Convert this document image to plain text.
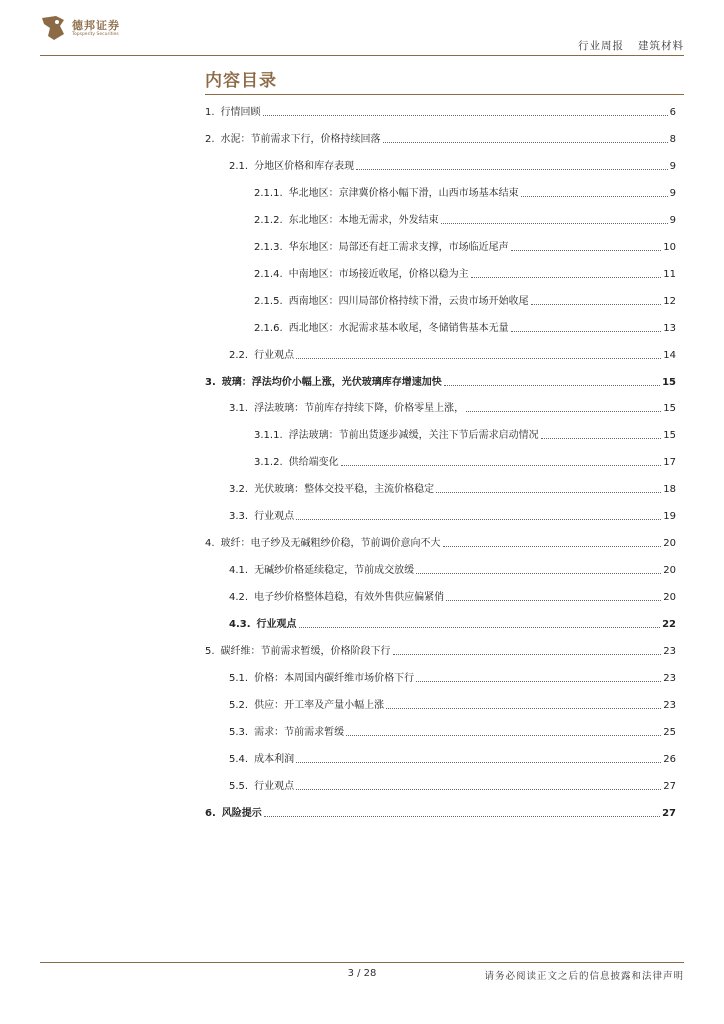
德邦证券
Topsperity Securities
行业周报 建筑材料
内容目录
1. 行情回顾	6
2. 水泥：节前需求下行，价格持续回落	8
2.1. 分地区价格和库存表现	9
2.1.1. 华北地区：京津冀价格小幅下滑，山西市场基本结束	9
2.1.2. 东北地区：本地无需求，外发结束	9
2.1.3. 华东地区：局部还有赶工需求支撑，市场临近尾声	10
2.1.4. 中南地区：市场接近收尾，价格以稳为主	11
2.1.5. 西南地区：四川局部价格持续下滑，云贵市场开始收尾	12
2.1.6. 西北地区：水泥需求基本收尾，冬储销售基本无量	13
2.2. 行业观点	14
3. 玻璃：浮法均价小幅上涨，光伏玻璃库存增速加快	15
3.1. 浮法玻璃：节前库存持续下降，价格零星上涨，	15
3.1.1. 浮法玻璃：节前出货逐步减缓，关注下节后需求启动情况	15
3.1.2. 供给端变化	17
3.2. 光伏玻璃：整体交投平稳，主流价格稳定	18
3.3. 行业观点	19
4. 玻纤：电子纱及无碱粗纱价稳，节前调价意向不大	20
4.1. 无碱纱价格延续稳定，节前成交放缓	20
4.2. 电子纱价格整体趋稳，有效外售供应偏紧俏	20
4.3. 行业观点	22
5. 碳纤维：节前需求暂缓，价格阶段下行	23
5.1. 价格：本周国内碳纤维市场价格下行	23
5.2. 供应：开工率及产量小幅上涨	23
5.3. 需求：节前需求暂缓	25
5.4. 成本利润	26
5.5. 行业观点	27
6. 风险提示	27
3 / 28	请务必阅读正文之后的信息披露和法律声明
